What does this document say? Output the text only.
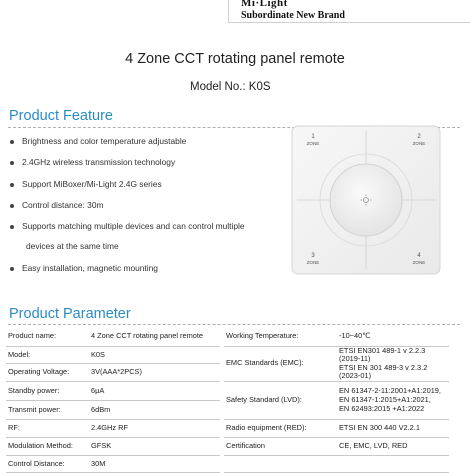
Mi·Light
Subordinate New Brand
4 Zone CCT rotating panel remote
Model No.: K0S
Product Feature
Brightness and color temperature adjustable
2.4GHz wireless transmission technology
Support MiBoxer/Mi-Light 2.4G series
Control distance: 30m
Supports matching multiple devices and can control multiple
devices at the same time
Easy installation, magnetic mounting
1
ZONE
2
ZONE
3
ZONE
4
ZONE
Product Parameter
Product name:	4 Zone CCT rotating panel remote		Working Temperature:	-10~40℃
Model:	K0S		EMC Standards (EMC):	ETSI EN301 489-1 v 2.2.3 (2019-11)
ETSI EN 301 489-3 v 2.3.2 (2023-01)
Operating Voltage:	3V(AAA*2PCS)			
Standby power:	6μA		Safety Standard (LVD):	EN 61347-2-11:2001+A1:2019,
EN 61347-1:2015+A1:2021,
EN 62493:2015 +A1:2022
Transmit power:	6dBm			
RF:	2.4GHz RF		Radio equipment (RED):	ETSI EN 300 440 V2.2.1
Modulation Method:	GFSK		Certification	CE, EMC, LVD, RED
Control Distance:	30M			
